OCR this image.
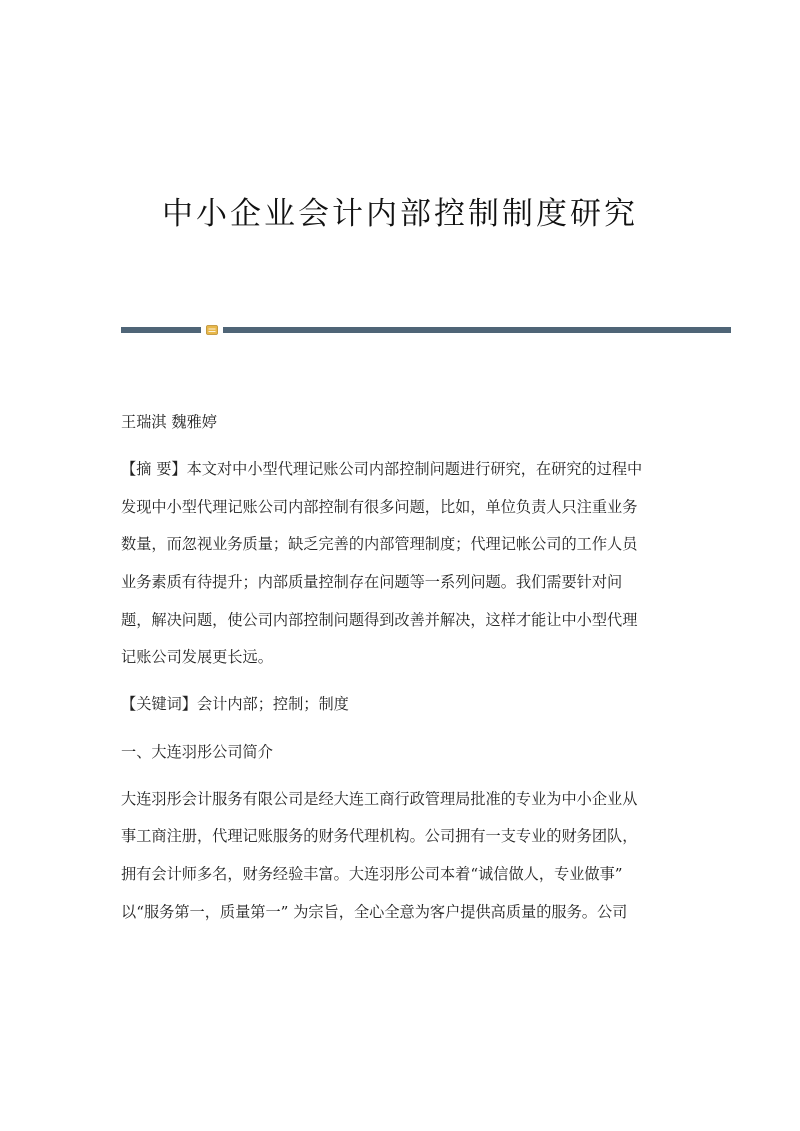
中小企业会计内部控制制度研究
王瑞淇 魏雅婷
【摘 要】本文对中小型代理记账公司内部控制问题进行研究，在研究的过程中
发现中小型代理记账公司内部控制有很多问题，比如，单位负责人只注重业务
数量，而忽视业务质量；缺乏完善的内部管理制度；代理记帐公司的工作人员
业务素质有待提升；内部质量控制存在问题等一系列问题。我们需要针对问
题，解决问题，使公司内部控制问题得到改善并解决，这样才能让中小型代理
记账公司发展更长远。
【关键词】会计内部；控制；制度
一、大连羽彤公司简介
大连羽彤会计服务有限公司是经大连工商行政管理局批准的专业为中小企业从
事工商注册，代理记账服务的财务代理机构。公司拥有一支专业的财务团队，
拥有会计师多名，财务经验丰富。大连羽彤公司本着“诚信做人，专业做事”
以“服务第一，质量第一” 为宗旨，全心全意为客户提供高质量的服务。公司
